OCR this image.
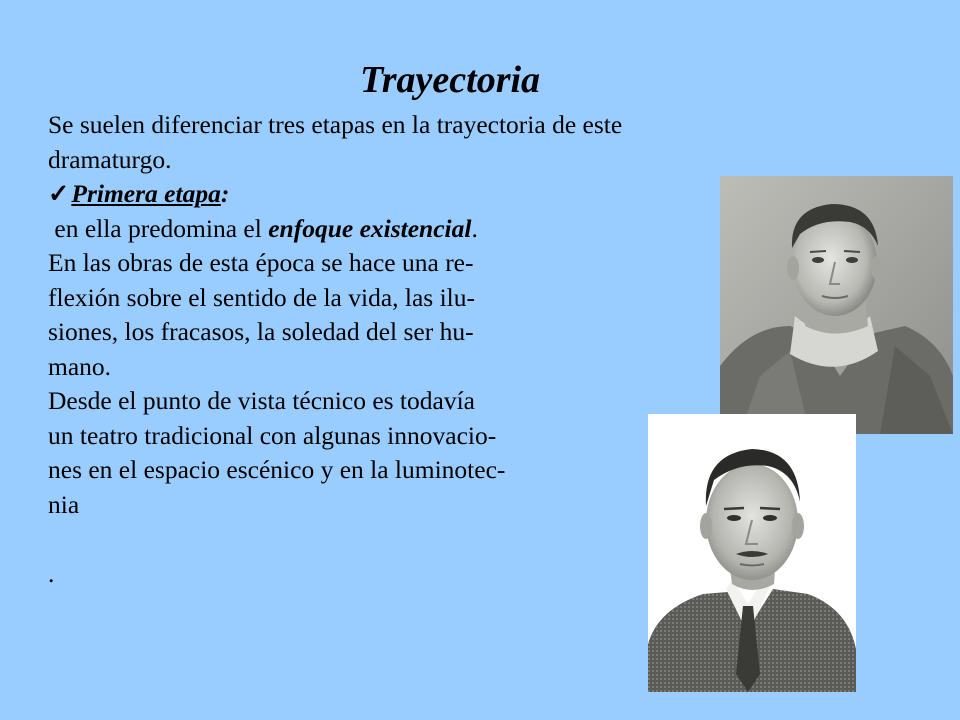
Trayectoria
Se suelen diferenciar tres etapas en la trayectoria de este
dramaturgo.
✓Primera etapa:
en ella predomina el enfoque existencial.
En las obras de esta época se hace una re-
flexión sobre el sentido de la vida, las ilu-
siones, los fracasos, la soledad del ser hu-
mano.
Desde el punto de vista técnico es todavía
un teatro tradicional con algunas innovacio-
nes en el espacio escénico y en la luminotec-
nia
.
